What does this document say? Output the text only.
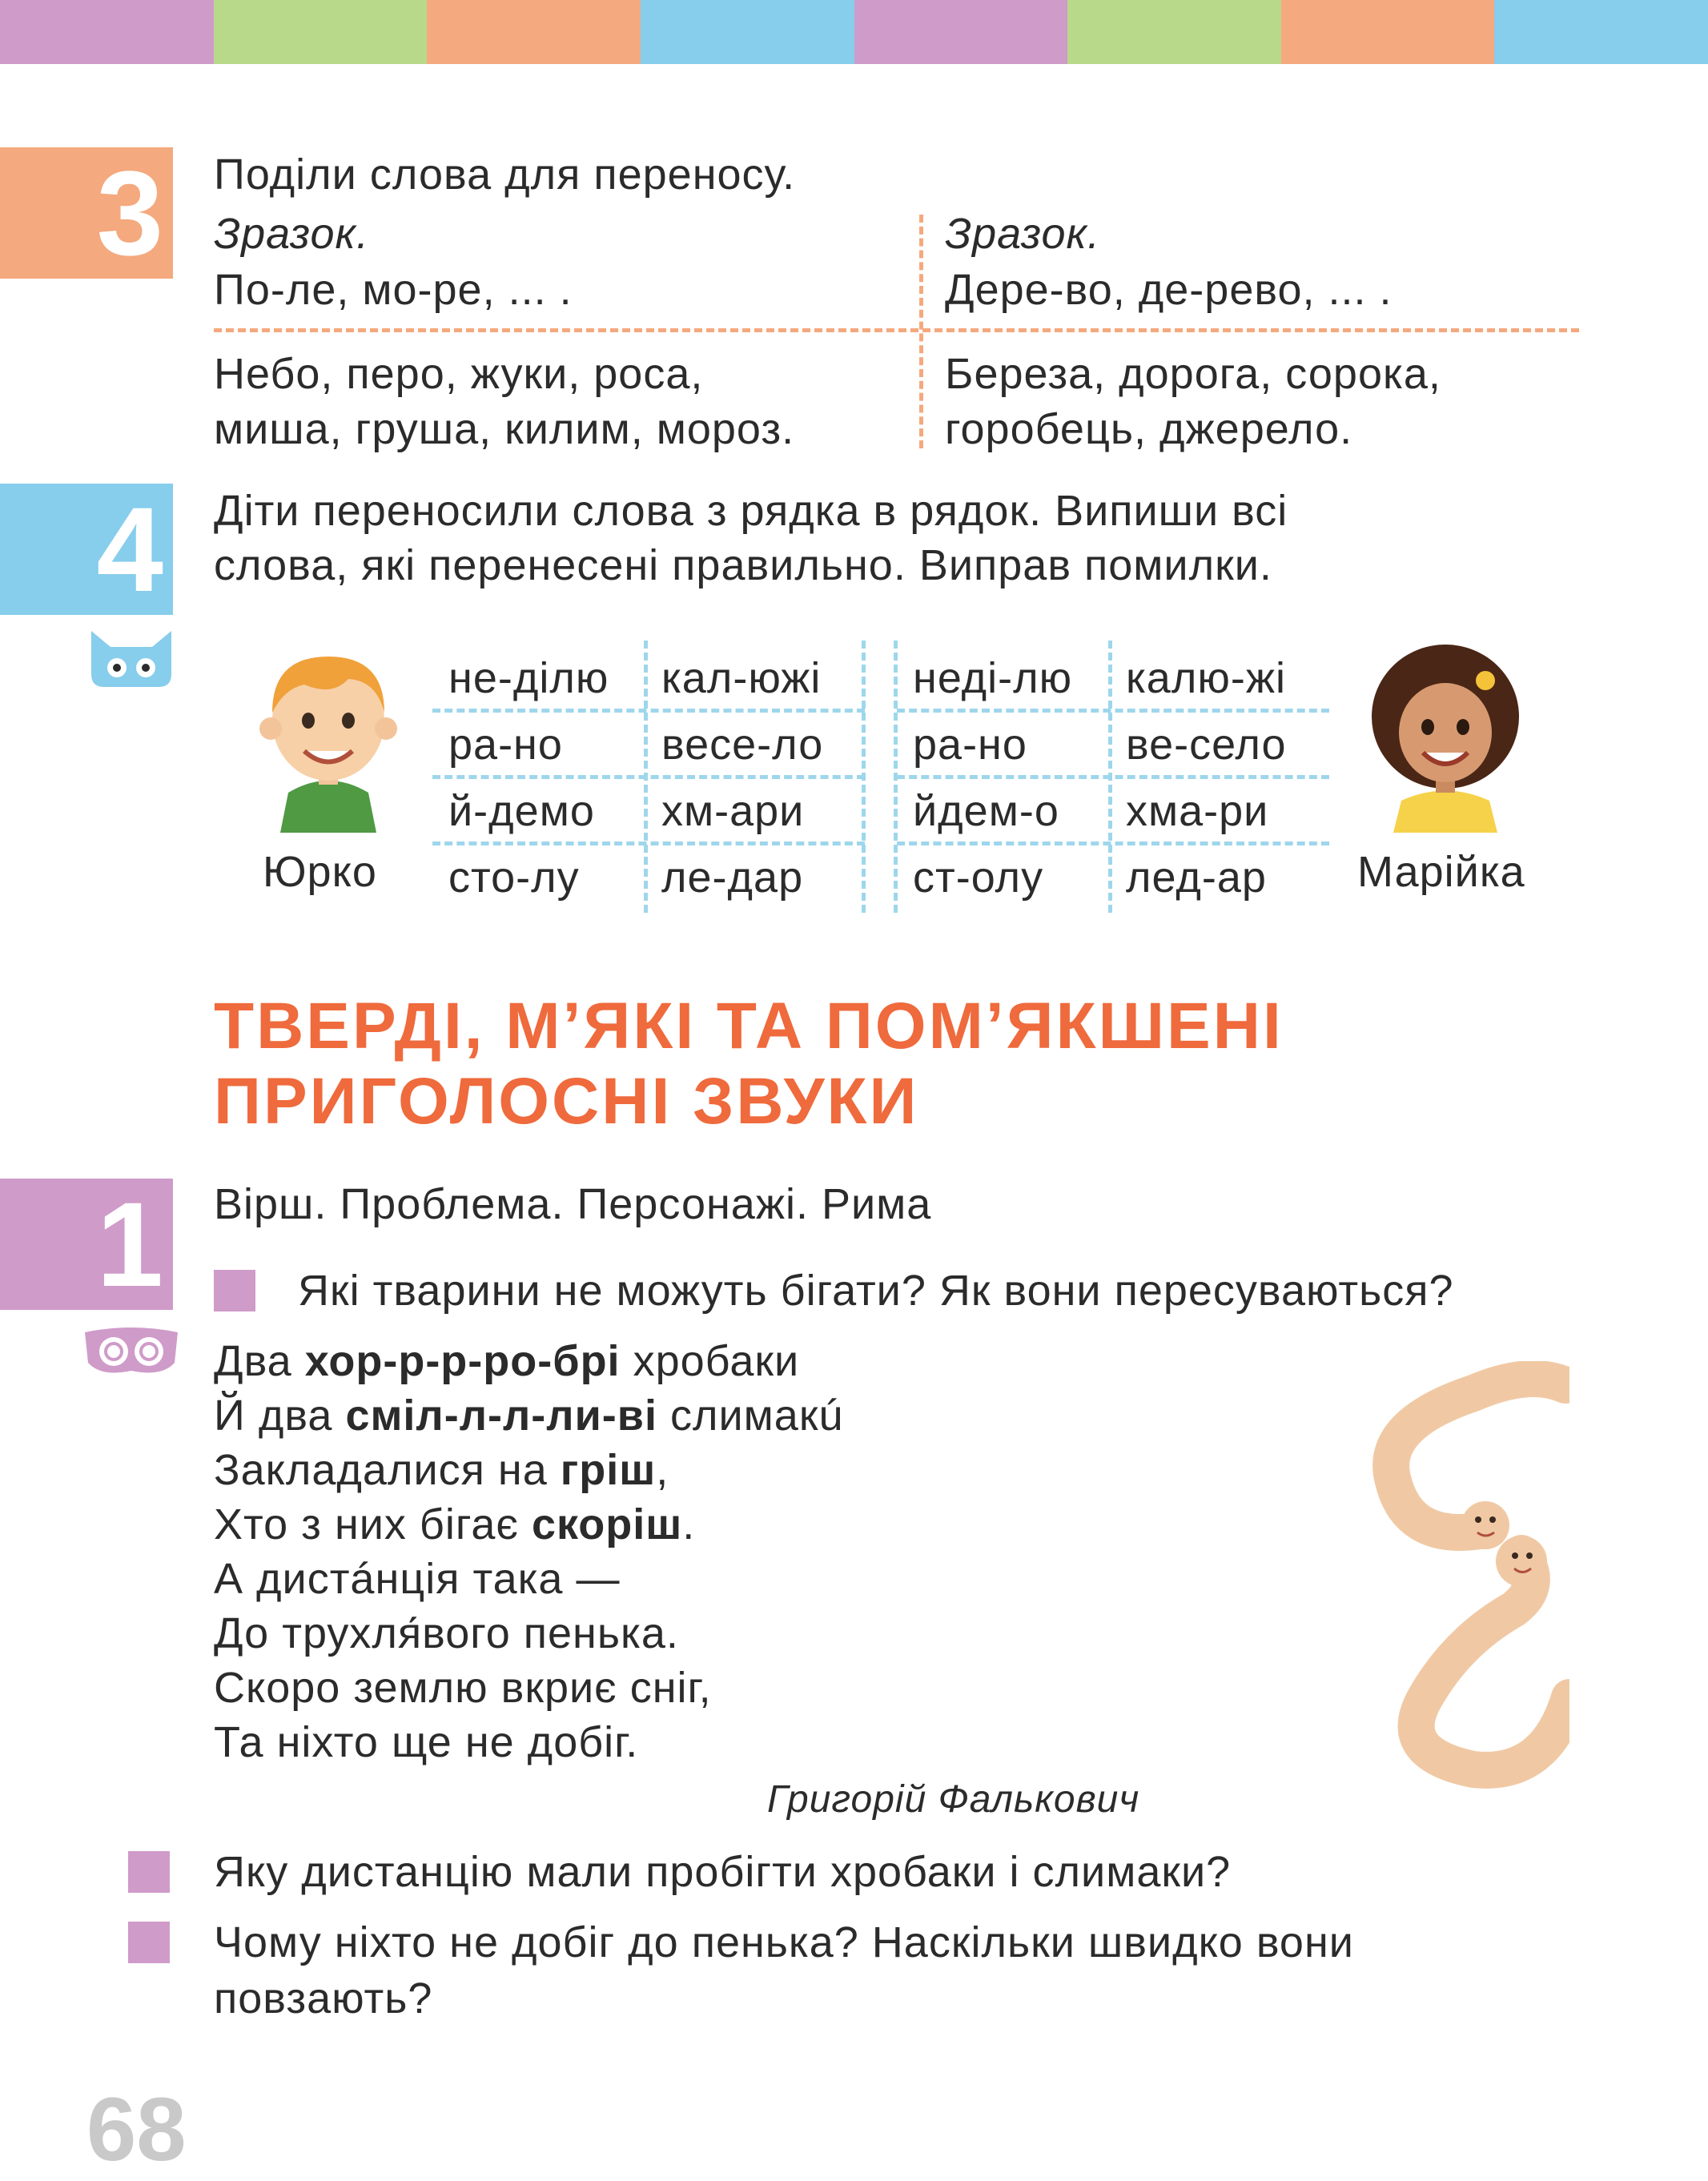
3 Поділи слова для переносу.
Зразок.
По-ле, мо-ре, ... .
Зразок.
Дере-во, де-рево, ... .
Небо, перо, жуки, роса,
миша, груша, килим, мороз.
Береза, дорога, сорока,
горобець, джерело.
4 Діти переносили слова з рядка в рядок. Випиши всі
слова, які перенесені правильно. Виправ помилки.
Юрко	Марійка
не-ділю кал-южі
ра-но весе-ло
й-демо хм-ари
сто-лу ле-дар
неді-лю калю-жі
ра-но ве-село
йдем-о хма-ри
ст-олу лед-ар
ТВЕРДІ, М’ЯКІ ТА ПОМ’ЯКШЕНІ
ПРИГОЛОСНІ ЗВУКИ
1 Вірш. Проблема. Персонажі. Рима
Які тварини не можуть бігати? Як вони пересуваються?
Два хор-р-р-ро-брі хробаки
Й два сміл-л-л-ли-ві слимакú
Закладалися на гріш,
Хто з них бігає скоріш.
А дистáнція така —
До трухля́вого пенька.
Скоро землю вкриє сніг,
Та ніхто ще не добіг.
Григорій Фалькович
Яку дистанцію мали пробігти хробаки і слимаки?
Чому ніхто не добіг до пенька? Наскільки швидко вони
повзають?
68
